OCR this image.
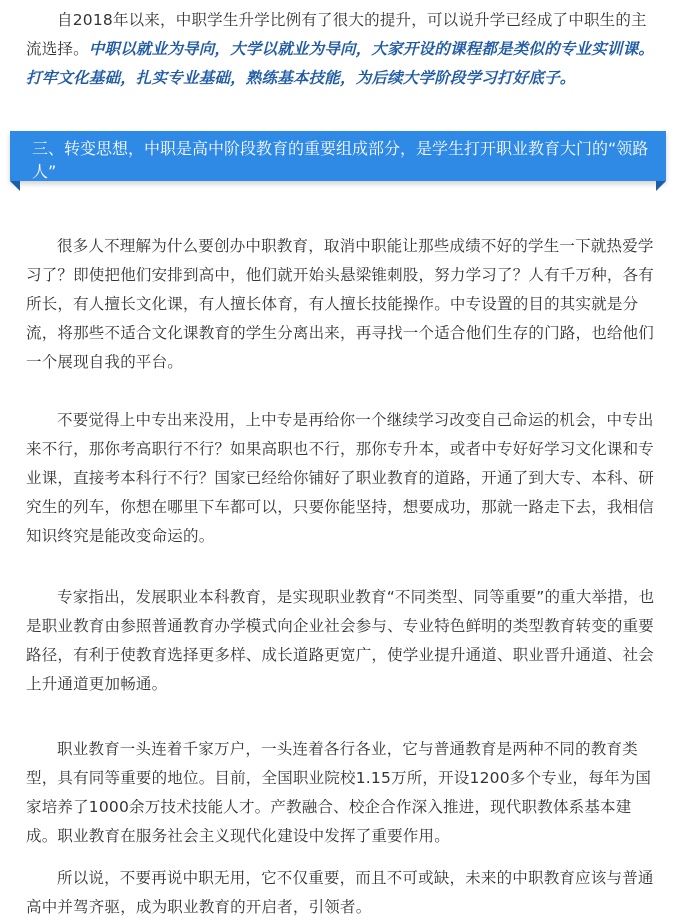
自2018年以来，中职学生升学比例有了很大的提升，可以说升学已经成了中职生的主流选择。中职以就业为导向，大学以就业为导向，大家开设的课程都是类似的专业实训课。打牢文化基础，扎实专业基础，熟练基本技能，为后续大学阶段学习打好底子。

三、转变思想，中职是高中阶段教育的重要组成部分，是学生打开职业教育大门的“领路人”

很多人不理解为什么要创办中职教育，取消中职能让那些成绩不好的学生一下就热爱学习了？即使把他们安排到高中，他们就开始头悬梁锥刺股，努力学习了？人有千万种，各有所长，有人擅长文化课，有人擅长体育，有人擅长技能操作。中专设置的目的其实就是分流，将那些不适合文化课教育的学生分离出来，再寻找一个适合他们生存的门路，也给他们一个展现自我的平台。

不要觉得上中专出来没用，上中专是再给你一个继续学习改变自己命运的机会，中专出来不行，那你考高职行不行？如果高职也不行，那你专升本，或者中专好好学习文化课和专业课，直接考本科行不行？国家已经给你铺好了职业教育的道路，开通了到大专、本科、研究生的列车，你想在哪里下车都可以，只要你能坚持，想要成功，那就一路走下去，我相信知识终究是能改变命运的。

专家指出，发展职业本科教育，是实现职业教育“不同类型、同等重要”的重大举措，也是职业教育由参照普通教育办学模式向企业社会参与、专业特色鲜明的类型教育转变的重要路径，有利于使教育选择更多样、成长道路更宽广，使学业提升通道、职业晋升通道、社会上升通道更加畅通。

职业教育一头连着千家万户，一头连着各行各业，它与普通教育是两种不同的教育类型，具有同等重要的地位。目前，全国职业院校1.15万所，开设1200多个专业，每年为国家培养了1000余万技术技能人才。产教融合、校企合作深入推进，现代职教体系基本建成。职业教育在服务社会主义现代化建设中发挥了重要作用。

所以说，不要再说中职无用，它不仅重要，而且不可或缺，未来的中职教育应该与普通高中并驾齐驱，成为职业教育的开启者，引领者。
